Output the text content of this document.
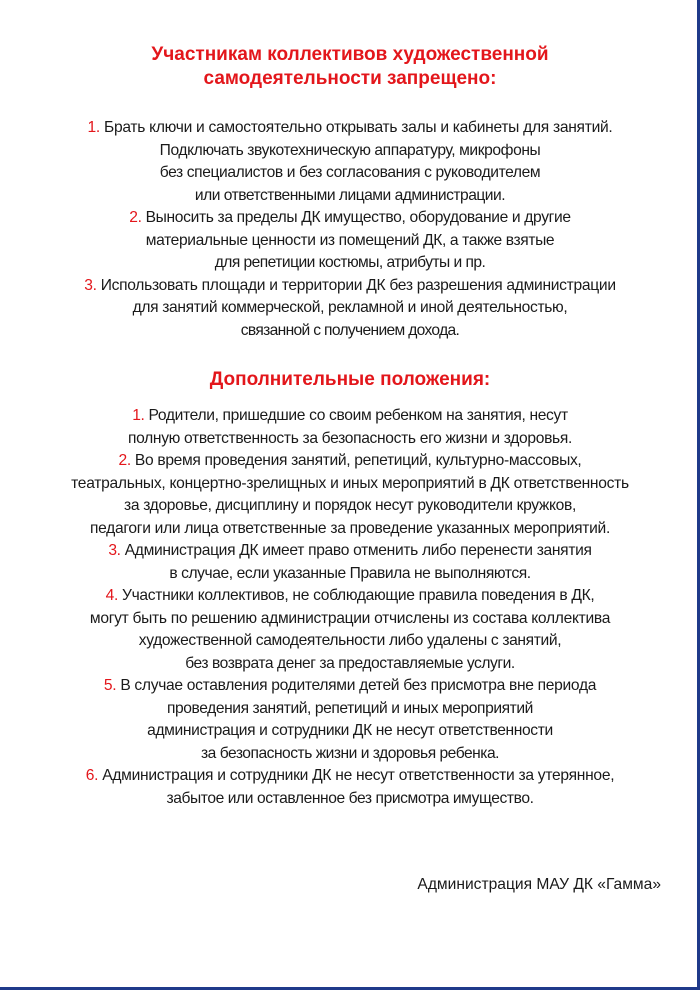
Участникам коллективов художественной
самодеятельности запрещено:
1. Брать ключи и самостоятельно открывать залы и кабинеты для занятий.
Подключать звукотехническую аппаратуру, микрофоны
без специалистов и без согласования с руководителем
или ответственными лицами администрации.
2. Выносить за пределы ДК имущество, оборудование и другие
материальные ценности из помещений ДК, а также взятые
для репетиции костюмы, атрибуты и пр.
3. Использовать площади и территории ДК без разрешения администрации
для занятий коммерческой, рекламной и иной деятельностью,
связанной с получением дохода.
Дополнительные положения:
1. Родители, пришедшие со своим ребенком на занятия, несут
полную ответственность за безопасность его жизни и здоровья.
2. Во время проведения занятий, репетиций, культурно-массовых,
театральных, концертно-зрелищных и иных мероприятий в ДК ответственность
за здоровье, дисциплину и порядок несут руководители кружков,
педагоги или лица ответственные за проведение указанных мероприятий.
3. Администрация ДК имеет право отменить либо перенести занятия
в случае, если указанные Правила не выполняются.
4. Участники коллективов, не соблюдающие правила поведения в ДК,
могут быть по решению администрации отчислены из состава коллектива
художественной самодеятельности либо удалены с занятий,
без возврата денег за предоставляемые услуги.
5. В случае оставления родителями детей без присмотра вне периода
проведения занятий, репетиций и иных мероприятий
администрация и сотрудники ДК не несут ответственности
за безопасность жизни и здоровья ребенка.
6. Администрация и сотрудники ДК не несут ответственности за утерянное,
забытое или оставленное без присмотра имущество.
Администрация МАУ ДК «Гамма»
